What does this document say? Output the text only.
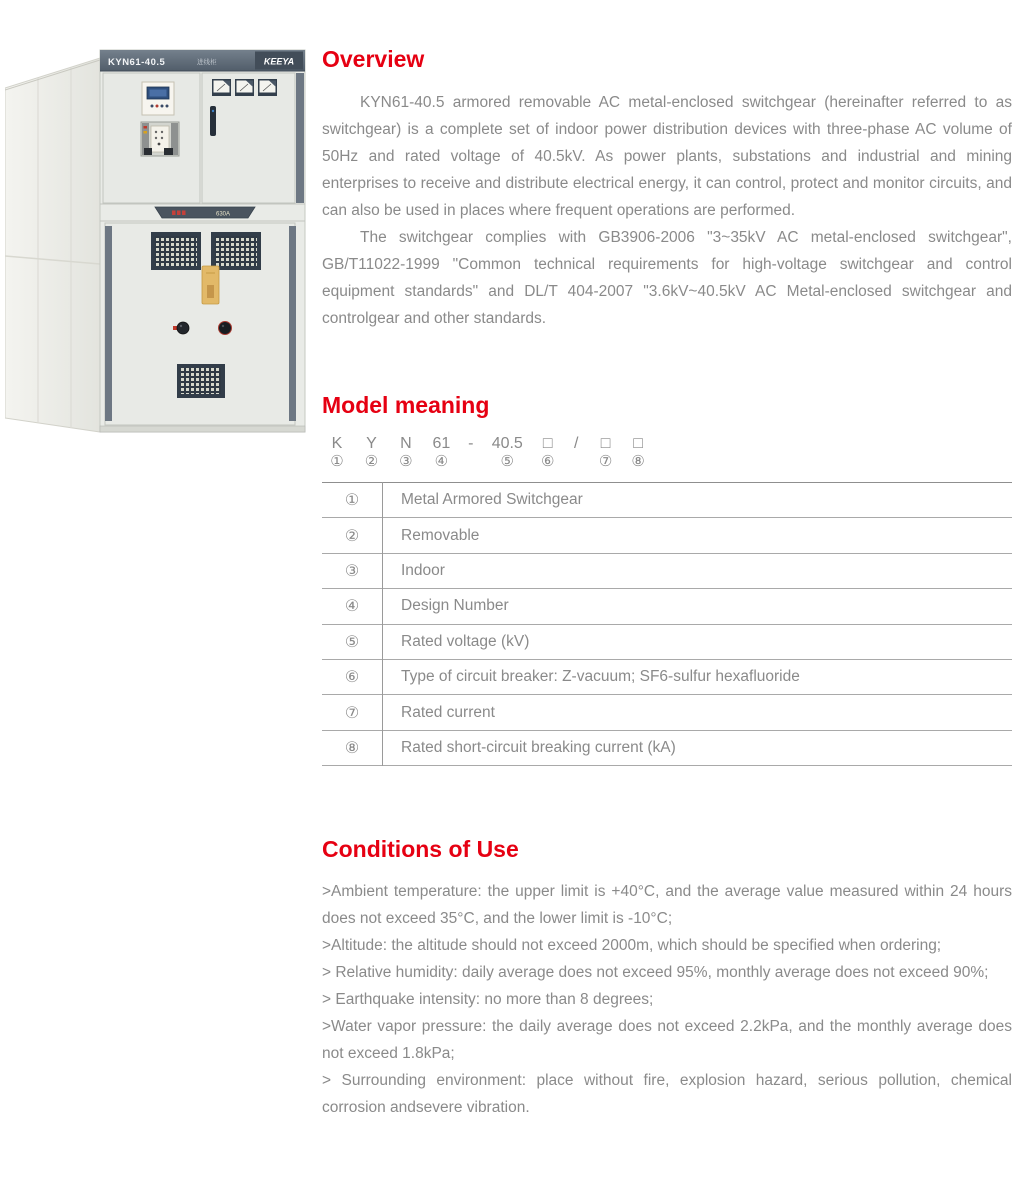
KYN61-40.5	进线柜	KEEYA
630A
Overview

KYN61-40.5 armored removable AC metal-enclosed switchgear (hereinafter referred to as switchgear) is a complete set of indoor power distribution devices with three-phase AC volume of 50Hz and rated voltage of 40.5kV. As power plants, substations and industrial and mining enterprises to receive and distribute electrical energy, it can control, protect and monitor circuits, and can also be used in places where frequent operations are performed.

The switchgear complies with GB3906-2006 "3~35kV AC metal-enclosed switchgear", GB/T11022-1999 "Common technical requirements for high-voltage switchgear and control equipment standards" and DL/T 404-2007 "3.6kV~40.5kV AC Metal-enclosed switchgear and controlgear and other standards.

Model meaning
K
①

Y
②

N
③

61
④

-
	40.5
⑤

□
⑥

/
	□
⑦

□
⑧
①	Metal Armored Switchgear
②	Removable
③	Indoor
④	Design Number
⑤	Rated voltage (kV)
⑥	Type of circuit breaker: Z-vacuum; SF6-sulfur hexafluoride
⑦	Rated current
⑧	Rated short-circuit breaking current (kA)
Conditions of Use

>Ambient temperature: the upper limit is +40°C, and the average value measured within 24 hours does not exceed 35°C, and the lower limit is -10°C;

>Altitude: the altitude should not exceed 2000m, which should be specified when ordering;

> Relative humidity: daily average does not exceed 95%, monthly average does not exceed 90%;

> Earthquake intensity: no more than 8 degrees;

>Water vapor pressure: the daily average does not exceed 2.2kPa, and the monthly average does not exceed 1.8kPa;

> Surrounding environment: place without fire, explosion hazard, serious pollution, chemical corrosion andsevere vibration.
